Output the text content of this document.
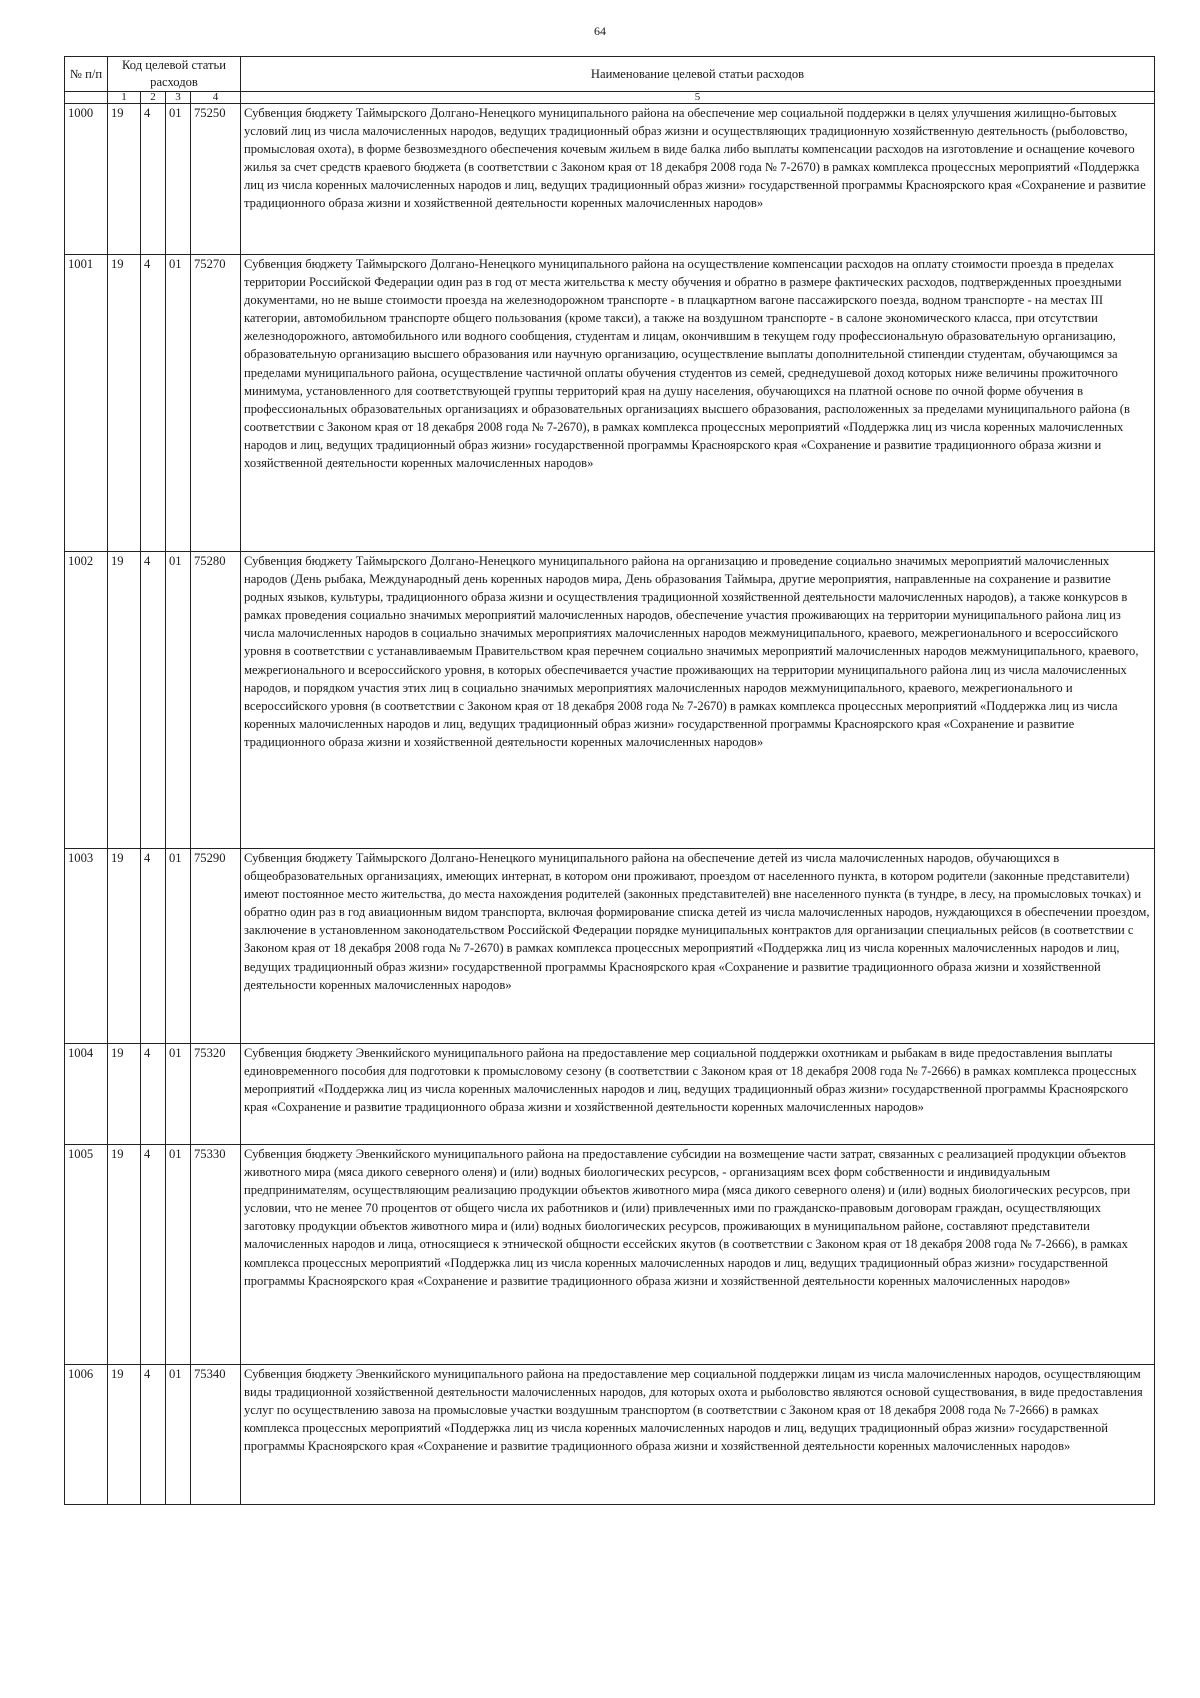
64
№ п/п	Код целевой статьи расходов				Наименование целевой статьи расходов
	1	2	3	4	5
1000	19	4	01	75250	Субвенция бюджету Таймырского Долгано-Ненецкого муниципального района на обеспечение мер социальной поддержки в целях улучшения жилищно-бытовых условий лиц из числа малочисленных народов, ведущих традиционный образ жизни и осуществляющих традиционную хозяйственную деятельность (рыболовство, промысловая охота), в форме безвозмездного обеспечения кочевым жильем в виде балка либо выплаты компенсации расходов на изготовление и оснащение кочевого жилья за счет средств краевого бюджета (в соответствии с Законом края от 18 декабря 2008 года № 7-2670) в рамках комплекса процессных мероприятий «Поддержка лиц из числа коренных малочисленных народов и лиц, ведущих традиционный образ жизни» государственной программы Красноярского края «Сохранение и развитие традиционного образа жизни и хозяйственной деятельности коренных малочисленных народов»
1001	19	4	01	75270	Субвенция бюджету Таймырского Долгано-Ненецкого муниципального района на осуществление компенсации расходов на оплату стоимости проезда в пределах территории Российской Федерации один раз в год от места жительства к месту обучения и обратно в размере фактических расходов, подтвержденных проездными документами, но не выше стоимости проезда на железнодорожном транспорте - в плацкартном вагоне пассажирского поезда, водном транспорте - на местах III категории, автомобильном транспорте общего пользования (кроме такси), а также на воздушном транспорте - в салоне экономического класса, при отсутствии железнодорожного, автомобильного или водного сообщения, студентам и лицам, окончившим в текущем году профессиональную образовательную организацию, образовательную организацию высшего образования или научную организацию, осуществление выплаты дополнительной стипендии студентам, обучающимся за пределами муниципального района, осуществление частичной оплаты обучения студентов из семей, среднедушевой доход которых ниже величины прожиточного минимума, установленного для соответствующей группы территорий края на душу населения, обучающихся на платной основе по очной форме обучения в профессиональных образовательных организациях и образовательных организациях высшего образования, расположенных за пределами муниципального района (в соответствии с Законом края от 18 декабря 2008 года № 7-2670), в рамках комплекса процессных мероприятий «Поддержка лиц из числа коренных малочисленных народов и лиц, ведущих традиционный образ жизни» государственной программы Красноярского края «Сохранение и развитие традиционного образа жизни и хозяйственной деятельности коренных малочисленных народов»
1002	19	4	01	75280	Субвенция бюджету Таймырского Долгано-Ненецкого муниципального района на организацию и проведение социально значимых мероприятий малочисленных народов (День рыбака, Международный день коренных народов мира, День образования Таймыра, другие мероприятия, направленные на сохранение и развитие родных языков, культуры, традиционного образа жизни и осуществления традиционной хозяйственной деятельности малочисленных народов), а также конкурсов в рамках проведения социально значимых мероприятий малочисленных народов, обеспечение участия проживающих на территории муниципального района лиц из числа малочисленных народов в социально значимых мероприятиях малочисленных народов межмуниципального, краевого, межрегионального и всероссийского уровня в соответствии с устанавливаемым Правительством края перечнем социально значимых мероприятий малочисленных народов межмуниципального, краевого, межрегионального и всероссийского уровня, в которых обеспечивается участие проживающих на территории муниципального района лиц из числа малочисленных народов, и порядком участия этих лиц в социально значимых мероприятиях малочисленных народов межмуниципального, краевого, межрегионального и всероссийского уровня (в соответствии с Законом края от 18 декабря 2008 года № 7-2670) в рамках комплекса процессных мероприятий «Поддержка лиц из числа коренных малочисленных народов и лиц, ведущих традиционный образ жизни» государственной программы Красноярского края «Сохранение и развитие традиционного образа жизни и хозяйственной деятельности коренных малочисленных народов»
1003	19	4	01	75290	Субвенция бюджету Таймырского Долгано-Ненецкого муниципального района на обеспечение детей из числа малочисленных народов, обучающихся в общеобразовательных организациях, имеющих интернат, в котором они проживают, проездом от населенного пункта, в котором родители (законные представители) имеют постоянное место жительства, до места нахождения родителей (законных представителей) вне населенного пункта (в тундре, в лесу, на промысловых точках) и обратно один раз в год авиационным видом транспорта, включая формирование списка детей из числа малочисленных народов, нуждающихся в обеспечении проездом, заключение в установленном законодательством Российской Федерации порядке муниципальных контрактов для организации специальных рейсов (в соответствии с Законом края от 18 декабря 2008 года № 7-2670) в рамках комплекса процессных мероприятий «Поддержка лиц из числа коренных малочисленных народов и лиц, ведущих традиционный образ жизни» государственной программы Красноярского края «Сохранение и развитие традиционного образа жизни и хозяйственной деятельности коренных малочисленных народов»
1004	19	4	01	75320	Субвенция бюджету Эвенкийского муниципального района на предоставление мер социальной поддержки охотникам и рыбакам в виде предоставления выплаты единовременного пособия для подготовки к промысловому сезону (в соответствии с Законом края от 18 декабря 2008 года № 7-2666) в рамках комплекса процессных мероприятий «Поддержка лиц из числа коренных малочисленных народов и лиц, ведущих традиционный образ жизни» государственной программы Красноярского края «Сохранение и развитие традиционного образа жизни и хозяйственной деятельности коренных малочисленных народов»
1005	19	4	01	75330	Субвенция бюджету Эвенкийского муниципального района на предоставление субсидии на возмещение части затрат, связанных с реализацией продукции объектов животного мира (мяса дикого северного оленя) и (или) водных биологических ресурсов, - организациям всех форм собственности и индивидуальным предпринимателям, осуществляющим реализацию продукции объектов животного мира (мяса дикого северного оленя) и (или) водных биологических ресурсов, при условии, что не менее 70 процентов от общего числа их работников и (или) привлеченных ими по гражданско-правовым договорам граждан, осуществляющих заготовку продукции объектов животного мира и (или) водных биологических ресурсов, проживающих в муниципальном районе, составляют представители малочисленных народов и лица, относящиеся к этнической общности ессейских якутов (в соответствии с Законом края от 18 декабря 2008 года № 7-2666), в рамках комплекса процессных мероприятий «Поддержка лиц из числа коренных малочисленных народов и лиц, ведущих традиционный образ жизни» государственной программы Красноярского края «Сохранение и развитие традиционного образа жизни и хозяйственной деятельности коренных малочисленных народов»
1006	19	4	01	75340	Субвенция бюджету Эвенкийского муниципального района на предоставление мер социальной поддержки лицам из числа малочисленных народов, осуществляющим виды традиционной хозяйственной деятельности малочисленных народов, для которых охота и рыболовство являются основой существования, в виде предоставления услуг по осуществлению завоза на промысловые участки воздушным транспортом (в соответствии с Законом края от 18 декабря 2008 года № 7-2666) в рамках комплекса процессных мероприятий «Поддержка лиц из числа коренных малочисленных народов и лиц, ведущих традиционный образ жизни» государственной программы Красноярского края «Сохранение и развитие традиционного образа жизни и хозяйственной деятельности коренных малочисленных народов»
